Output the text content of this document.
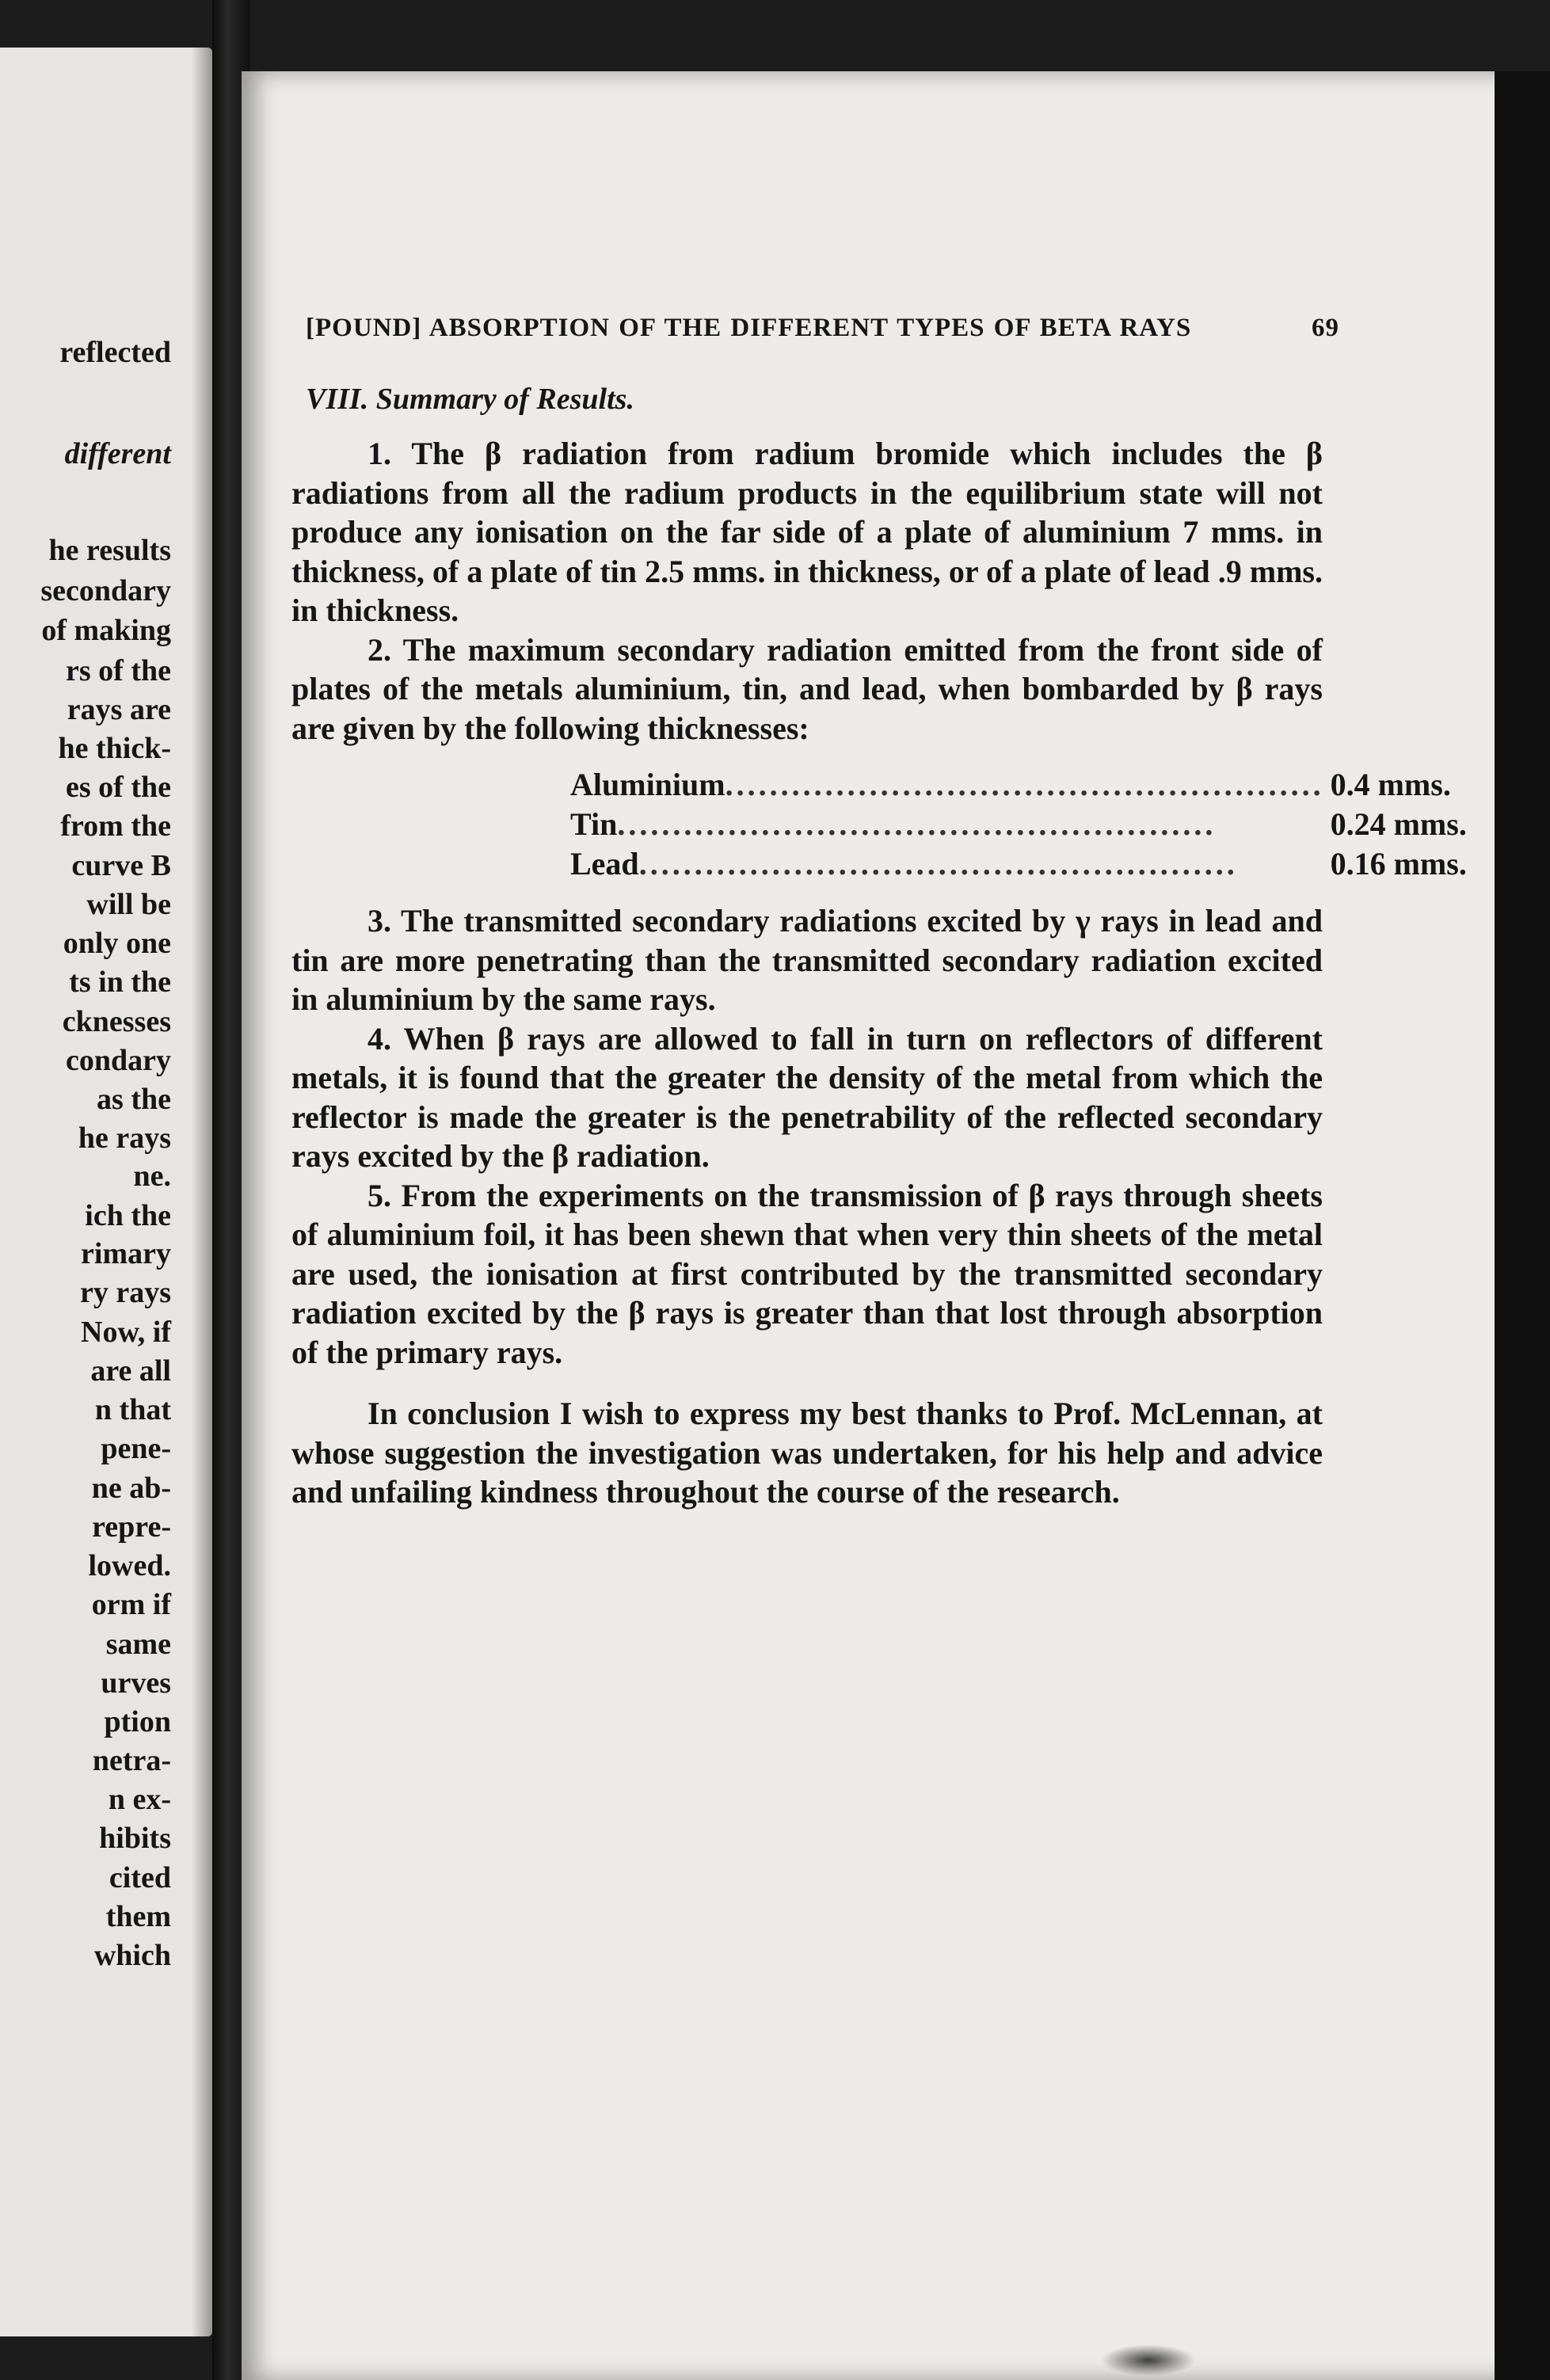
reflected
different
he results
secondary
of making
rs of the
rays are
he thick-
es of the
from the
curve B
will be
only one
ts in the
cknesses
condary
as the
he rays
ne.
ich the
rimary
ry rays
Now, if
are all
n that
pene-
ne ab-
repre-
lowed.
orm if
same
urves
ption
netra-
n ex-
hibits
cited
them
which
[POUND] ABSORPTION OF THE DIFFERENT TYPES OF BETA RAYS	69
VIII. Summary of Results.

1. The β radiation from radium bromide which includes the β radiations from all the radium products in the equilibrium state will not produce any ionisation on the far side of a plate of aluminium 7 mms. in thickness, of a plate of tin 2.5 mms. in thickness, or of a plate of lead .9 mms. in thickness.

2. The maximum secondary radiation emitted from the front side of plates of the metals aluminium, tin, and lead, when bombarded by β rays are given by the following thicknesses:

Aluminium
.....	0.4 mms.

Tin
.....	0.24 mms.

Lead
.....	0.16 mms.

3. The transmitted secondary radiations excited by γ rays in lead and tin are more penetrating than the transmitted secondary radiation excited in aluminium by the same rays.

4. When β rays are allowed to fall in turn on reflectors of different metals, it is found that the greater the density of the metal from which the reflector is made the greater is the penetrability of the reflected secondary rays excited by the β radiation.

5. From the experiments on the transmission of β rays through sheets of aluminium foil, it has been shewn that when very thin sheets of the metal are used, the ionisation at first contributed by the transmitted secondary radiation excited by the β rays is greater than that lost through absorption of the primary rays.

In conclusion I wish to express my best thanks to Prof. McLennan, at whose suggestion the investigation was undertaken, for his help and advice and unfailing kindness throughout the course of the research.
